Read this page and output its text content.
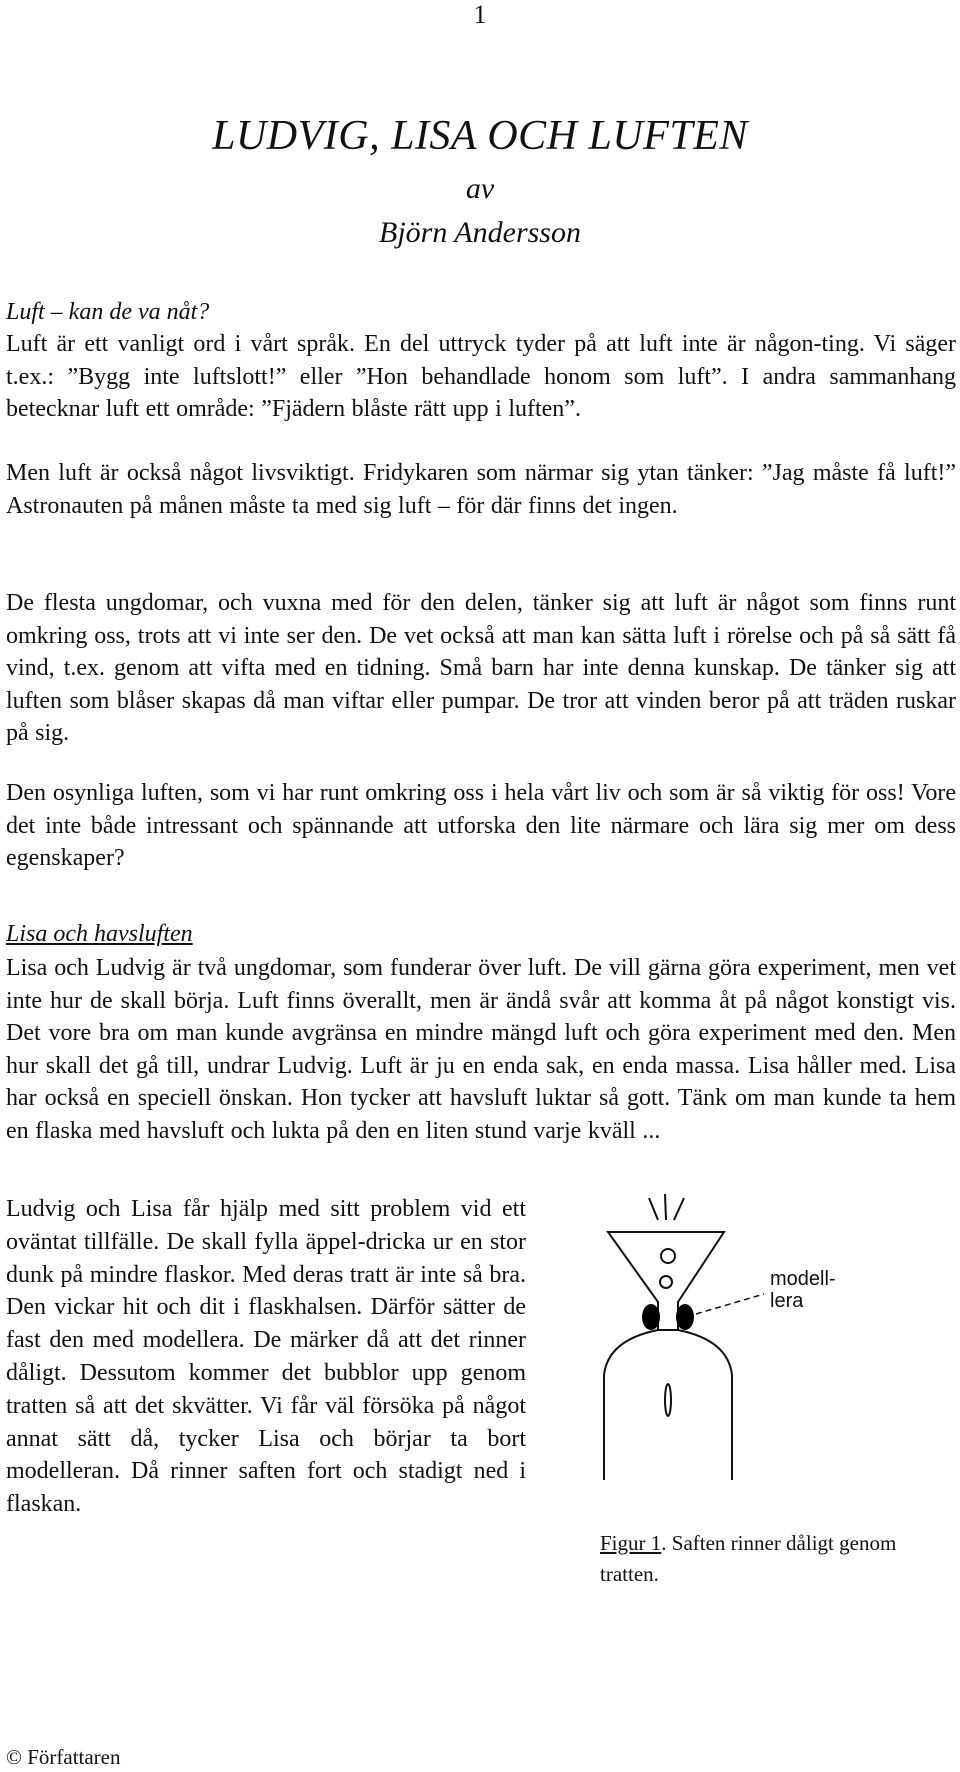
1
LUDVIG, LISA OCH LUFTEN
av
Björn Andersson
Luft – kan de va nåt?

Luft är ett vanligt ord i vårt språk. En del uttryck tyder på att luft inte är någon-ting. Vi säger t.ex.: ”Bygg inte luftslott!” eller ”Hon behandlade honom som luft”. I andra sammanhang betecknar luft ett område: ”Fjädern blåste rätt upp i luften”.

Men luft är också något livsviktigt. Fridykaren som närmar sig ytan tänker: ”Jag måste få luft!” Astronauten på månen måste ta med sig luft – för där finns det ingen.

De flesta ungdomar, och vuxna med för den delen, tänker sig att luft är något som finns runt omkring oss, trots att vi inte ser den. De vet också att man kan sätta luft i rörelse och på så sätt få vind, t.ex. genom att vifta med en tidning. Små barn har inte denna kunskap. De tänker sig att luften som blåser skapas då man viftar eller pumpar. De tror att vinden beror på att träden ruskar på sig.

Den osynliga luften, som vi har runt omkring oss i hela vårt liv och som är så viktig för oss! Vore det inte både intressant och spännande att utforska den lite närmare och lära sig mer om dess egenskaper?

Lisa och havsluften

Lisa och Ludvig är två ungdomar, som funderar över luft. De vill gärna göra experiment, men vet inte hur de skall börja. Luft finns överallt, men är ändå svår att komma åt på något konstigt vis. Det vore bra om man kunde avgränsa en mindre mängd luft och göra experiment med den. Men hur skall det gå till, undrar Ludvig. Luft är ju en enda sak, en enda massa. Lisa håller med. Lisa har också en speciell önskan. Hon tycker att havsluft luktar så gott. Tänk om man kunde ta hem en flaska med havsluft och lukta på den en liten stund varje kväll ...

Ludvig och Lisa får hjälp med sitt problem vid ett oväntat tillfälle. De skall fylla äppel-dricka ur en stor dunk på mindre flaskor. Med deras tratt är inte så bra. Den vickar hit och dit i flaskhalsen. Därför sätter de fast den med modellera. De märker då att det rinner dåligt. Dessutom kommer det bubblor upp genom tratten så att det skvätter. Vi får väl försöka på något annat sätt då, tycker Lisa och börjar ta bort modelleran. Då rinner saften fort och stadigt ned i flaskan.

modell-
lera
Figur 1. Saften rinner dåligt genom tratten.
© Författaren
